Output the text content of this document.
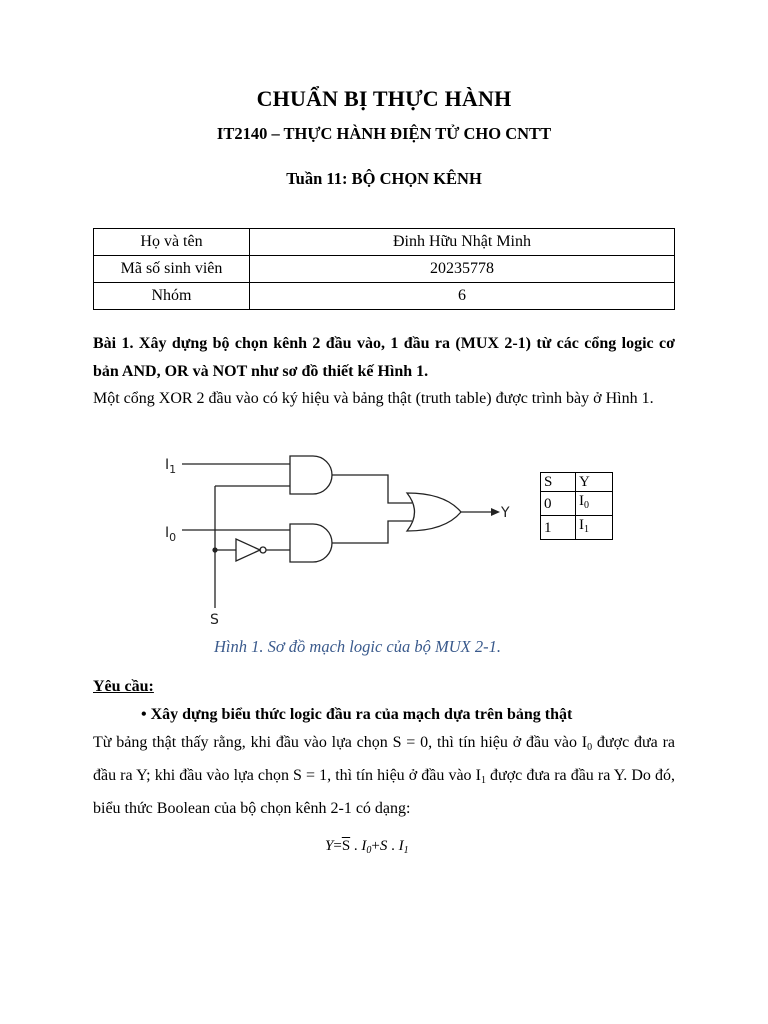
CHUẨN BỊ THỰC HÀNH
IT2140 – THỰC HÀNH ĐIỆN TỬ CHO CNTT
Tuần 11: BỘ CHỌN KÊNH
Họ và tên	Đinh Hữu Nhật Minh
Mã số sinh viên	20235778
Nhóm	6
Bài 1. Xây dựng bộ chọn kênh 2 đầu vào, 1 đầu ra (MUX 2-1) từ các cổng logic cơ bản AND, OR và NOT như sơ đồ thiết kế Hình 1.
Một cổng XOR 2 đầu vào có ký hiệu và bảng thật (truth table) được trình bày ở Hình 1.
$I_1$
$I_0$
S
Y
S	Y
0	$I_0$
1	$I_1$
Hình 1. Sơ đồ mạch logic của bộ MUX 2-1.
Yêu cầu:
• Xây dựng biểu thức logic đầu ra của mạch dựa trên bảng thật
Từ bảng thật thấy rằng, khi đầu vào lựa chọn S = 0, thì tín hiệu ở đầu vào $I_0$ được đưa ra đầu ra Y; khi đầu vào lựa chọn S = 1, thì tín hiệu ở đầu vào $I_1$ được đưa ra đầu ra Y. Do đó, biểu thức Boolean của bộ chọn kênh 2-1 có dạng:
$Y=\overline{S}$ . $I_0+S$ . $I_1$
